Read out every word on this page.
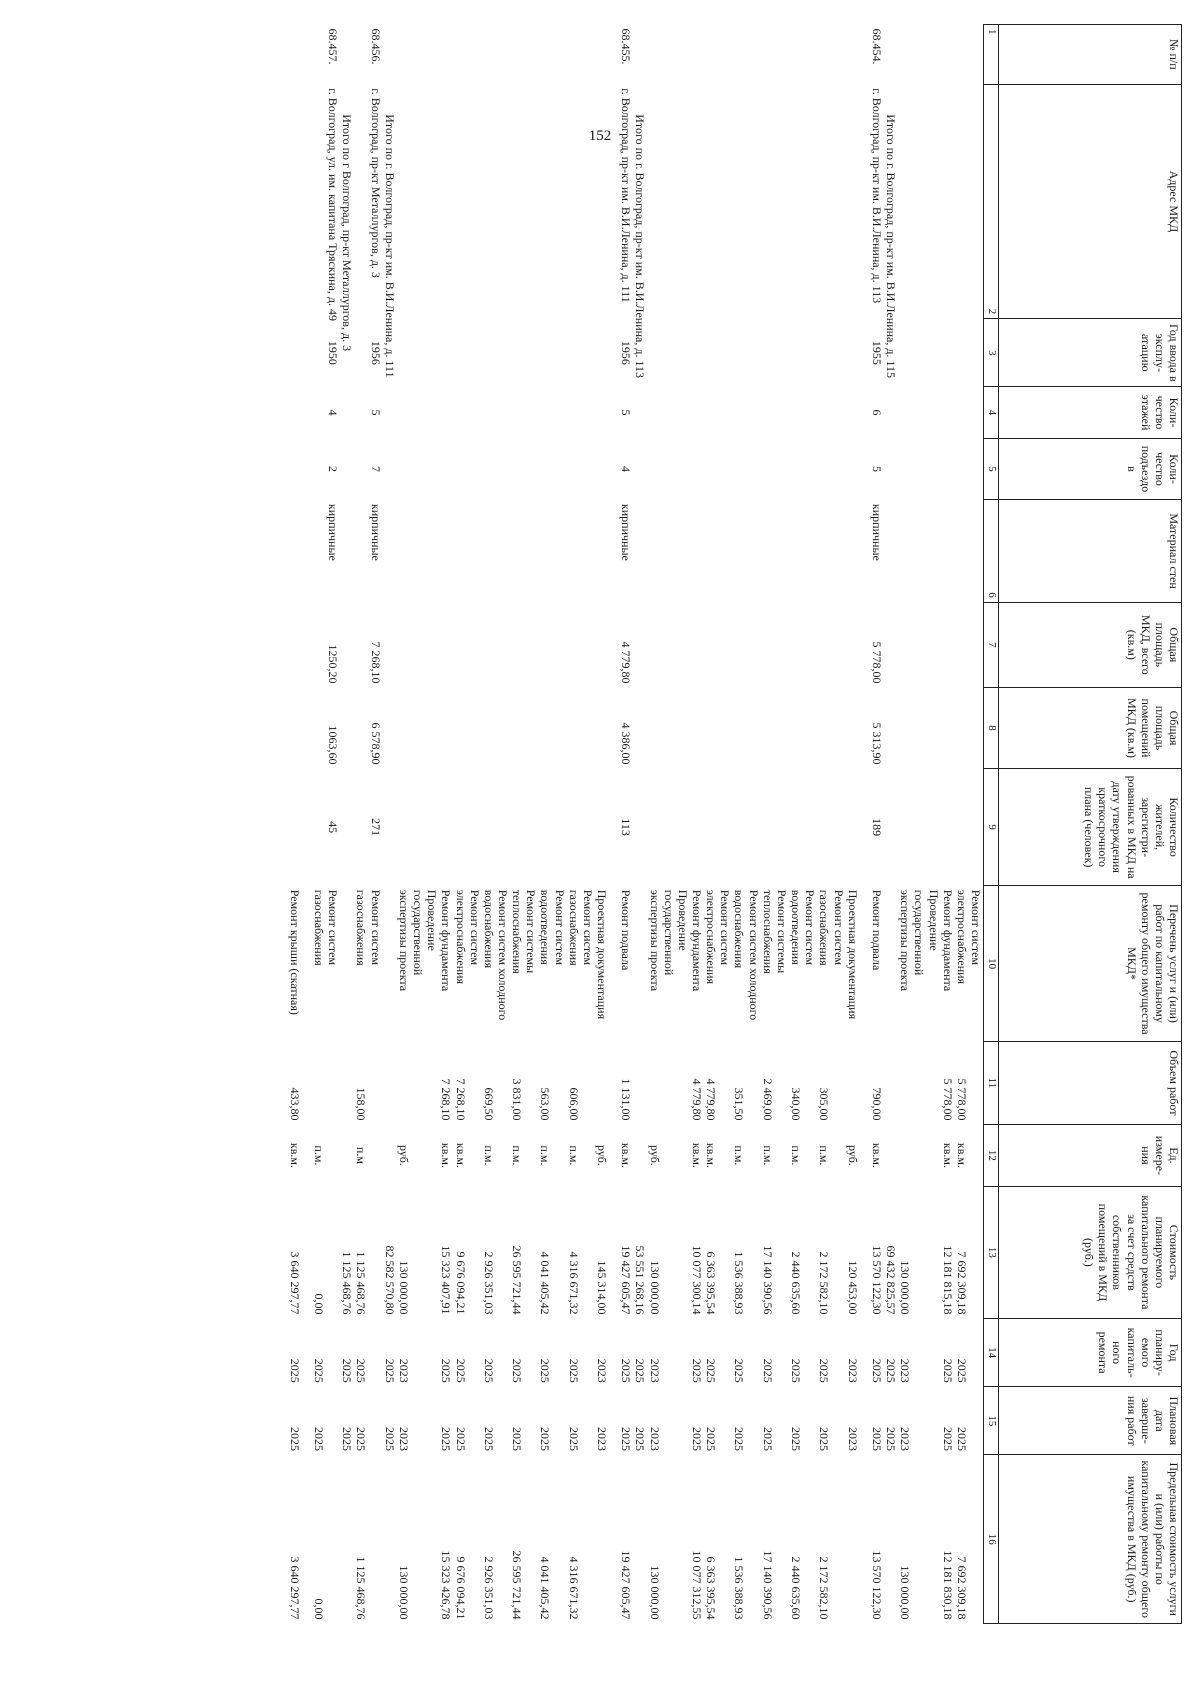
152
№ п/п	Адрес МКД	Год ввода в эксплу-атацию	Коли-чество этажей	Коли-чество подъездо в	Материал стен	Общая площадь МКД, всего (кв.м)	Общая площадь помещений МКД (кв.м)	Количество жителей, зарегистри-рованных в МКД на дату утверждения краткосрочного плана (человек)	Перечень услуг и (или) работ по капитальному ремонту общего имущества МКД*	Объем работ	Ед. измере-ния	Стоимость планируемого капитального ремонта за счет средств собственников помещений в МКД (руб.)	Год планиру-емого капиталь-ного ремонта	Плановая дата заверше-ния работ	Предельная стоимость услуги и (или) работы по капитальному ремонту общего имущества в МКД (руб.)
1	2	3	4	5	6	7	8	9	10	11	12	13	14	15	16
									Ремонт систем
электроснабжения	5 778,00	кв.м.	7 692 309,18	2025	2025	7 692 309,18
									Ремонт фундамента	5 778,00	кв.м.	12 181 815,18	2025	2025	12 181 830,18
									Проведение
государственной
экспертизы проекта			130 000,00	2023	2023	130 000,00
	Итого по г. Волгоград, пр-кт им. В.И.Ленина, д. 115											69 432 825,57	2025	2025	
68.454.	г. Волгоград, пр-кт им. В.И.Ленина, д. 113	1955	6	5	кирпичные	5 778,00	5 313,90	189	Ремонт подвала	790,00	кв.м.	13 570 122,30	2025	2025	13 570 122,30
									Проектная документация		руб.	120 453,00	2023	2023	
									Ремонт систем
газоснабжения	305,00	п.м.	2 172 582,10	2025	2025	2 172 582,10
									Ремонт систем
водоотведения	340,00	п.м.	2 440 635,60	2025	2025	2 440 635,60
									Ремонт системы
теплоснабжения	2 469,00	п.м.	17 140 390,56	2025	2025	17 140 390,56
									Ремонт систем холодного
водоснабжения	351,50	п.м.	1 536 388,93	2025	2025	1 536 388,93
									Ремонт систем
электроснабжения	4 779,80	кв.м.	6 363 395,54	2025	2025	6 363 395,54
									Ремонт фундамента	4 779,80	кв.м.	10 077 300,14	2025	2025	10 077 312,55
									Проведение
государственной
экспертизы проекта		руб.	130 000,00	2023	2023	130 000,00
	Итого по г. Волгоград, пр-кт им. В.И.Ленина, д. 113											53 551 268,16	2025	2025	
68.455.	г. Волгоград, пр-кт им. В.И.Ленина, д. 111	1956	5	4	кирпичные	4 779,80	4 386,00	113	Ремонт подвала	1 131,00	кв.м.	19 427 605,47	2025	2025	19 427 605,47
									Проектная документация		руб.	145 314,00	2023	2023	
									Ремонт систем
газоснабжения	606,00	п.м.	4 316 671,32	2025	2025	4 316 671,32
									Ремонт систем
водоотведения	563,00	п.м.	4 041 405,42	2025	2025	4 041 405,42
									Ремонт системы
теплоснабжения	3 831,00	п.м.	26 595 721,44	2025	2025	26 595 721,44
									Ремонт систем холодного
водоснабжения	669,50	п.м.	2 926 351,03	2025	2025	2 926 351,03
									Ремонт систем
электроснабжения	7 268,10	кв.м.	9 676 094,21	2025	2025	9 676 094,21
									Ремонт фундамента	7 268,10	кв.м.	15 323 407,91	2025	2025	15 323 426,78
									Проведение
государственной
экспертизы проекта		руб.	130 000,00	2023	2023	130 000,00
	Итого по г. Волгоград, пр-кт им. В.И.Ленина, д. 111											82 582 570,80	2025	2025	
68.456.	г. Волгоград, пр-кт Металлургов, д. 3	1956	5	7	кирпичные	7 268,10	6 578,90	271	Ремонт систем
газоснабжения	158,00	п.м	1 125 468,76	2025	2025	1 125 468,76
	Итого по г Волгоград, пр-кт Металлургов, д. 3											1 125 468,76	2025	2025	
68.457.	г. Волгоград, ул. им. капитана Тряскина, д. 49	1950	4	2	кирпичные	1250,20	1063,60	45	Ремонт систем
газоснабжения		п.м.	0,00	2025	2025	0,00
									Ремонт крыши (скатная)	433,80	кв.м.	3 640 297,77	2025	2025	3 640 297,77
